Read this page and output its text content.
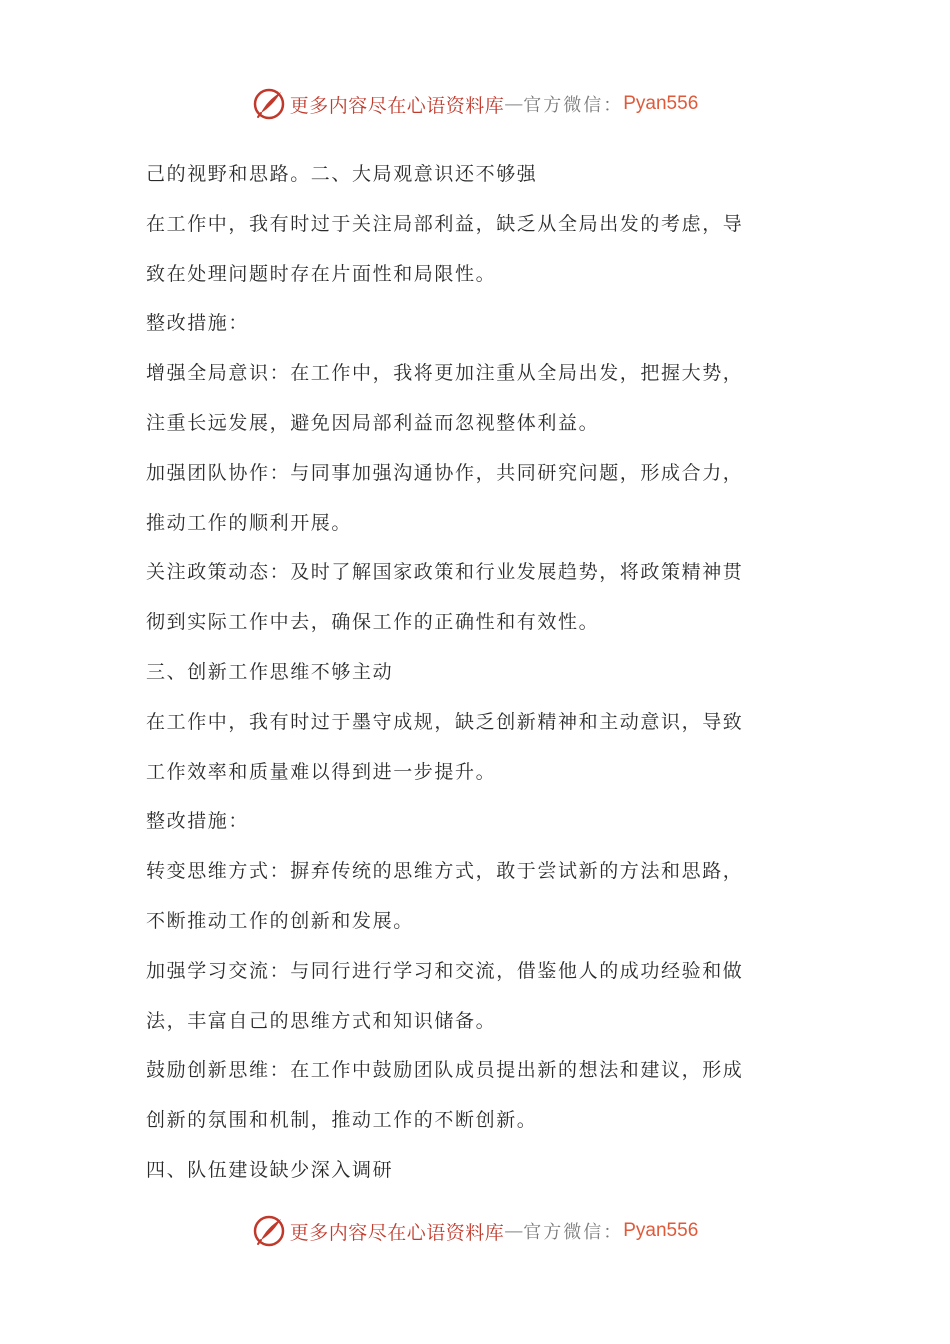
更多内容尽在心语资料库 — 官方微信： Pyan556
己的视野和思路。二、大局观意识还不够强
在工作中，我有时过于关注局部利益，缺乏从全局出发的考虑，导
致在处理问题时存在片面性和局限性。
整改措施：
增强全局意识：在工作中，我将更加注重从全局出发，把握大势，
注重长远发展，避免因局部利益而忽视整体利益。
加强团队协作：与同事加强沟通协作，共同研究问题，形成合力，
推动工作的顺利开展。
关注政策动态：及时了解国家政策和行业发展趋势，将政策精神贯
彻到实际工作中去，确保工作的正确性和有效性。
三、创新工作思维不够主动
在工作中，我有时过于墨守成规，缺乏创新精神和主动意识，导致
工作效率和质量难以得到进一步提升。
整改措施：
转变思维方式：摒弃传统的思维方式，敢于尝试新的方法和思路，
不断推动工作的创新和发展。
加强学习交流：与同行进行学习和交流，借鉴他人的成功经验和做
法，丰富自己的思维方式和知识储备。
鼓励创新思维：在工作中鼓励团队成员提出新的想法和建议，形成
创新的氛围和机制，推动工作的不断创新。
四、队伍建设缺少深入调研
更多内容尽在心语资料库 — 官方微信： Pyan556
